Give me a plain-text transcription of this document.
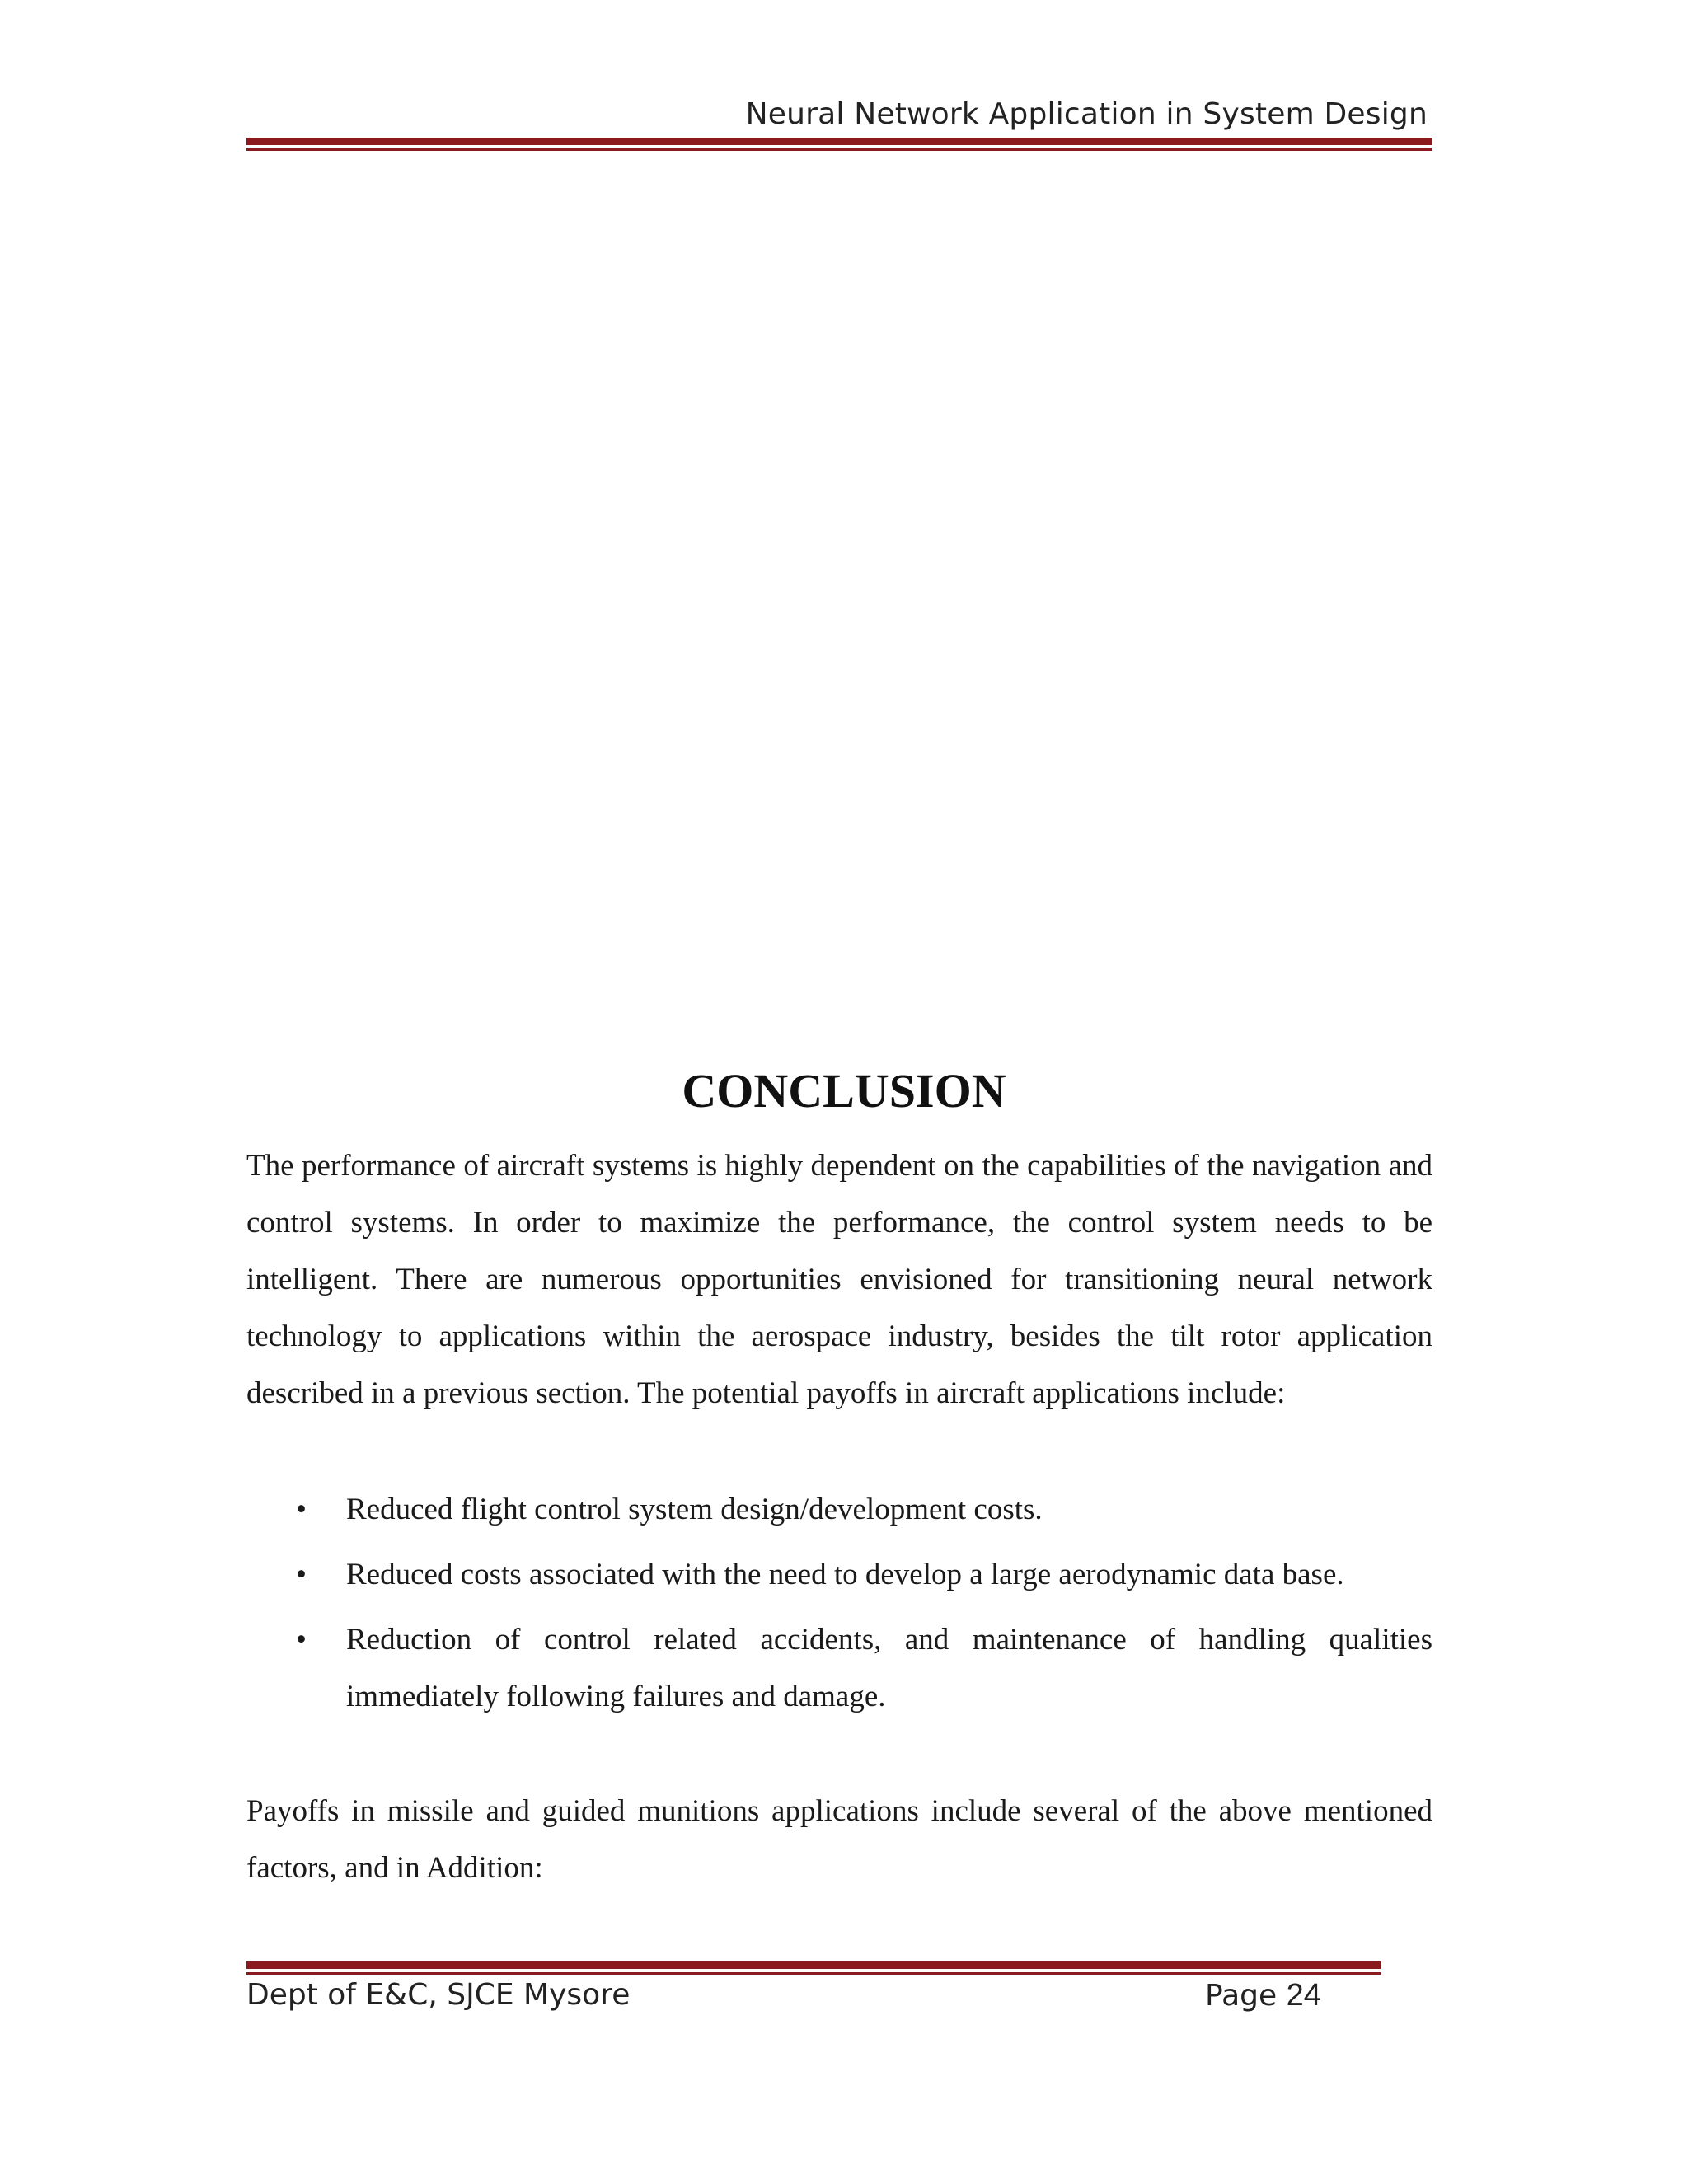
Neural Network Application in System Design
CONCLUSION

The performance of aircraft systems is highly dependent on the capabilities of the navigation and control systems. In order to maximize the performance, the control system needs to be intelligent. There are numerous opportunities envisioned for transitioning neural network technology to applications within the aerospace industry, besides the tilt rotor application described in a previous section. The potential payoffs in aircraft applications include:

• Reduced flight control system design/development costs.
• Reduced costs associated with the need to develop a large aerodynamic data base.
• Reduction of control related accidents, and maintenance of handling qualities immediately following failures and damage.

Payoffs in missile and guided munitions applications include several of the above mentioned factors, and in Addition:

Dept of E&C, SJCE Mysore	Page 24
